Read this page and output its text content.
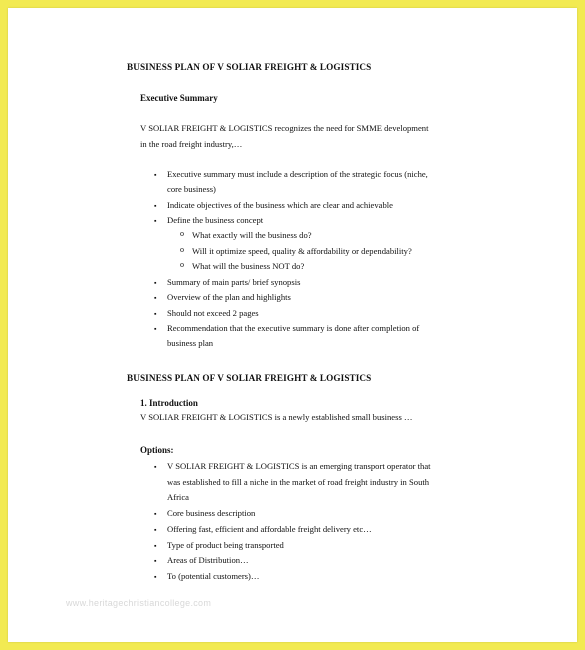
BUSINESS PLAN OF V SOLIAR FREIGHT & LOGISTICS
Executive Summary
V SOLIAR FREIGHT & LOGISTICS recognizes the need for SMME development
in the road freight industry,…
▪ Executive summary must include a description of the strategic focus (niche,
core business)
▪ Indicate objectives of the business which are clear and achievable
▪ Define the business concept
o What exactly will the business do?
o Will it optimize speed, quality & affordability or dependability?
o What will the business NOT do?
▪ Summary of main parts/ brief synopsis
▪ Overview of the plan and highlights
▪ Should not exceed 2 pages
▪ Recommendation that the executive summary is done after completion of
business plan
BUSINESS PLAN OF V SOLIAR FREIGHT & LOGISTICS
1. Introduction
V SOLIAR FREIGHT & LOGISTICS is a newly established small business …
Options:
▪ V SOLIAR FREIGHT & LOGISTICS is an emerging transport operator that
was established to fill a niche in the market of road freight industry in South
Africa
▪ Core business description
▪ Offering fast, efficient and affordable freight delivery etc…
▪ Type of product being transported
▪ Areas of Distribution…
▪ To (potential customers)…
www.heritagechristiancollege.com
